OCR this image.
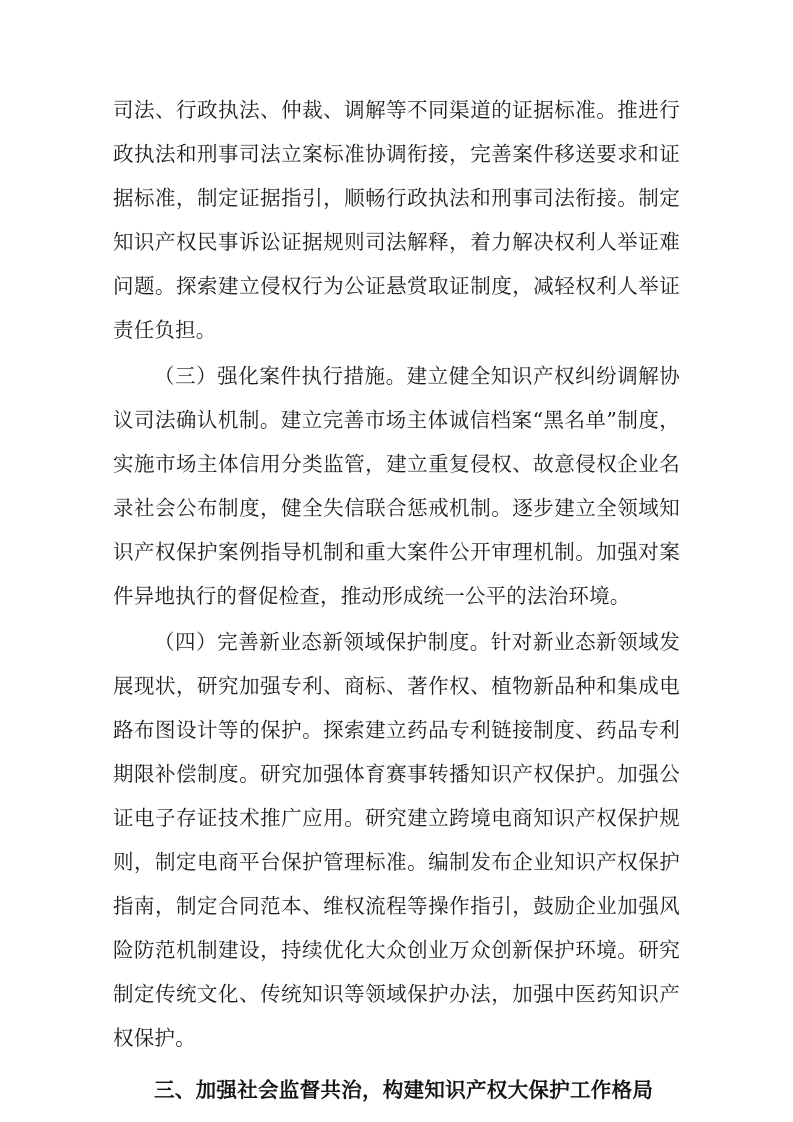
司法、行政执法、仲裁、调解等不同渠道的证据标准。推进行政执法和刑事司法立案标准协调衔接，完善案件移送要求和证据标准，制定证据指引，顺畅行政执法和刑事司法衔接。制定知识产权民事诉讼证据规则司法解释，着力解决权利人举证难问题。探索建立侵权行为公证悬赏取证制度，减轻权利人举证责任负担。

（三）强化案件执行措施。建立健全知识产权纠纷调解协议司法确认机制。建立完善市场主体诚信档案“黑名单”制度，实施市场主体信用分类监管，建立重复侵权、故意侵权企业名录社会公布制度，健全失信联合惩戒机制。逐步建立全领域知识产权保护案例指导机制和重大案件公开审理机制。加强对案件异地执行的督促检查，推动形成统一公平的法治环境。

（四）完善新业态新领域保护制度。针对新业态新领域发展现状，研究加强专利、商标、著作权、植物新品种和集成电路布图设计等的保护。探索建立药品专利链接制度、药品专利期限补偿制度。研究加强体育赛事转播知识产权保护。加强公证电子存证技术推广应用。研究建立跨境电商知识产权保护规则，制定电商平台保护管理标准。编制发布企业知识产权保护指南，制定合同范本、维权流程等操作指引，鼓励企业加强风险防范机制建设，持续优化大众创业万众创新保护环境。研究制定传统文化、传统知识等领域保护办法，加强中医药知识产权保护。

三、加强社会监督共治，构建知识产权大保护工作格局
